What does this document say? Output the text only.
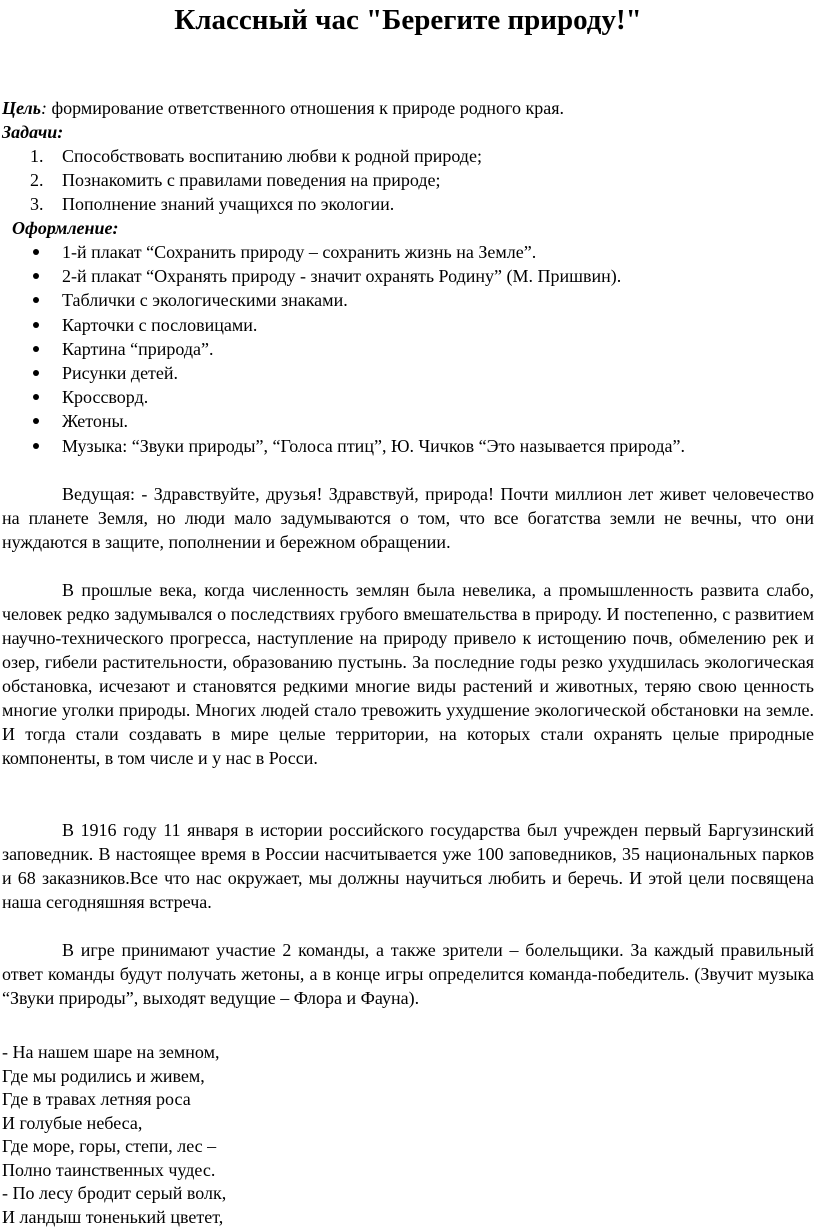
Классный час "Берегите природу!"

Цель: формирование ответственного отношения к природе родного края.

Задачи:

1. Способствовать воспитанию любви к родной природе;
2. Познакомить с правилами поведения на природе;
3. Пополнение знаний учащихся по экологии.

Оформление:

1-й плакат “Сохранить природу – сохранить жизнь на Земле”.
2-й плакат “Охранять природу - значит охранять Родину” (М. Пришвин).
Таблички с экологическими знаками.
Карточки с пословицами.
Картина “природа”.
Рисунки детей.
Кроссворд.
Жетоны.
Музыка: “Звуки природы”, “Голоса птиц”, Ю. Чичков “Это называется природа”.

Ведущая: - Здравствуйте, друзья! Здравствуй, природа! Почти миллион лет живет человечество на планете Земля, но люди мало задумываются о том, что все богатства земли не вечны, что они нуждаются в защите, пополнении и бережном обращении.

В прошлые века, когда численность землян была невелика, а промышленность развита слабо, человек редко задумывался о последствиях грубого вмешательства в природу. И постепенно, с развитием научно-технического прогресса, наступление на природу привело к истощению почв, обмелению рек и озер, гибели растительности, образованию пустынь. За последние годы резко ухудшилась экологическая обстановка, исчезают и становятся редкими многие виды растений и животных, теряю свою ценность многие уголки природы. Многих людей стало тревожить ухудшение экологической обстановки на земле. И тогда стали создавать в мире целые территории, на которых стали охранять целые природные компоненты, в том числе и у нас в Росси.

В 1916 году 11 января в истории российского государства был учрежден первый Баргузинский заповедник. В настоящее время в России насчитывается уже 100 заповедников, 35 национальных парков и 68 заказников.Все что нас окружает, мы должны научиться любить и беречь. И этой цели посвящена наша сегодняшняя встреча.

В игре принимают участие 2 команды, а также зрители – болельщики. За каждый правильный ответ команды будут получать жетоны, а в конце игры определится команда-победитель. (Звучит музыка “Звуки природы”, выходят ведущие – Флора и Фауна).

- На нашем шаре на земном,
Где мы родились и живем,
Где в травах летняя роса
И голубые небеса,
Где море, горы, степи, лес –
Полно таинственных чудес.
- По лесу бродит серый волк,
И ландыш тоненький цветет,
